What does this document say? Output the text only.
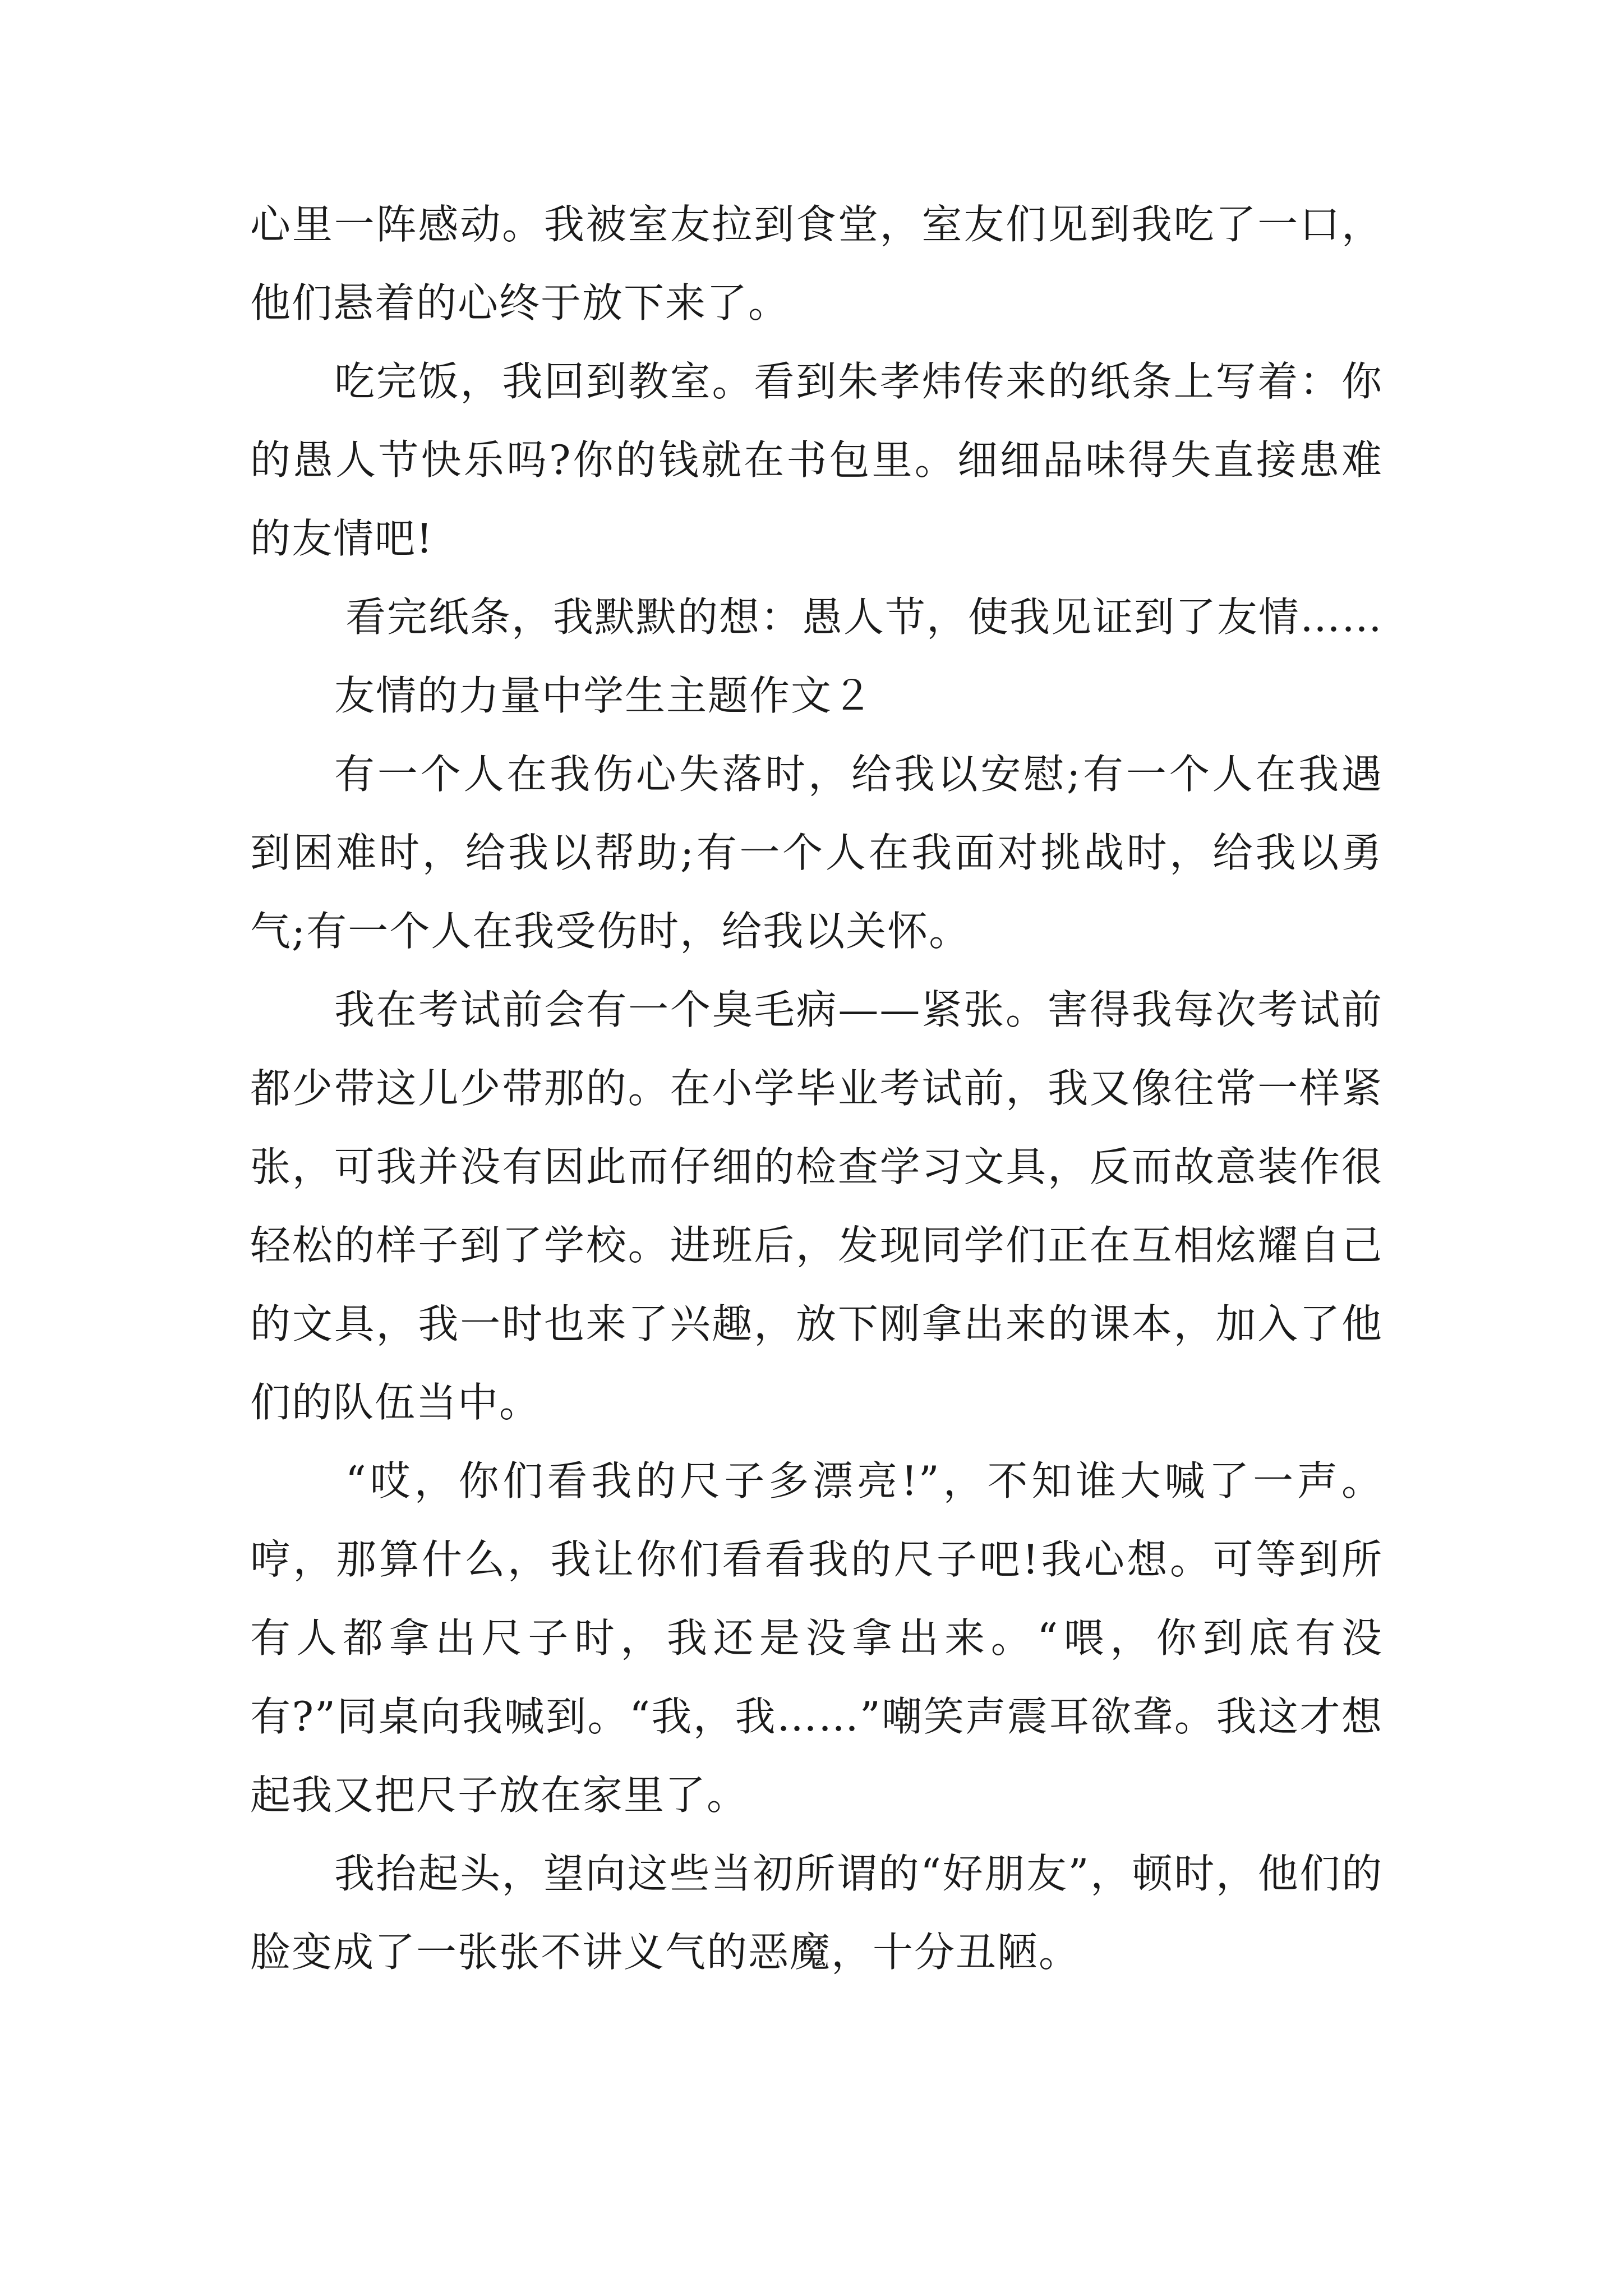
心里一阵感动。我被室友拉到食堂，室友们见到我吃了一口，他们悬着的心终于放下来了。

吃完饭，我回到教室。看到朱孝炜传来的纸条上写着：你的愚人节快乐吗?你的钱就在书包里。细细品味得失直接患难的友情吧!

看完纸条，我默默的想：愚人节，使我见证到了友情……

友情的力量中学生主题作文２

有一个人在我伤心失落时，给我以安慰;有一个人在我遇到困难时，给我以帮助;有一个人在我面对挑战时，给我以勇气;有一个人在我受伤时，给我以关怀。

我在考试前会有一个臭毛病——紧张。害得我每次考试前都少带这儿少带那的。在小学毕业考试前，我又像往常一样紧张，可我并没有因此而仔细的检查学习文具，反而故意装作很轻松的样子到了学校。进班后，发现同学们正在互相炫耀自己的文具，我一时也来了兴趣，放下刚拿出来的课本，加入了他们的队伍当中。

“哎，你们看我的尺子多漂亮!”，不知谁大喊了一声。哼，那算什么，我让你们看看我的尺子吧!我心想。可等到所有人都拿出尺子时，我还是没拿出来。“喂，你到底有没有?”同桌向我喊到。“我，我……”嘲笑声震耳欲聋。我这才想起我又把尺子放在家里了。

我抬起头，望向这些当初所谓的“好朋友”，顿时，他们的脸变成了一张张不讲义气的恶魔，十分丑陋。
